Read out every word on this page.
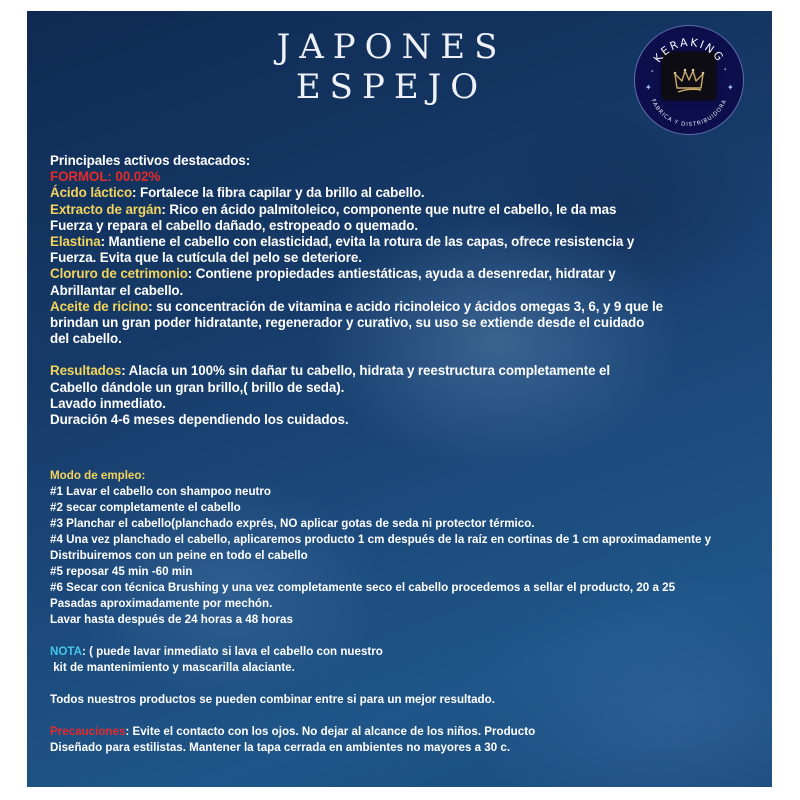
JAPONES
ESPEJO	· KERAKING ·
FABRICA Y DISTRIBUIDORA
✦	✦
Principales activos destacados:
FORMOL: 00.02%
Ácido láctico: Fortalece la fibra capilar y da brillo al cabello.
Extracto de argán: Rico en ácido palmitoleico, componente que nutre el cabello, le da mas
Fuerza y repara el cabello dañado, estropeado o quemado.
Elastina: Mantiene el cabello con elasticidad, evita la rotura de las capas, ofrece resistencia y
Fuerza. Evita que la cutícula del pelo se deteriore.
Cloruro de cetrimonio: Contiene propiedades antiestáticas, ayuda a desenredar, hidratar y
Abrillantar el cabello.
Aceite de ricino: su concentración de vitamina e acido ricinoleico y ácidos omegas 3, 6, y 9 que le
brindan un gran poder hidratante, regenerador y curativo, su uso se extiende desde el cuidado
del cabello.
Resultados: Alacía un 100% sin dañar tu cabello, hidrata y reestructura completamente el
Cabello dándole un gran brillo,( brillo de seda).
Lavado inmediato.
Duración 4-6 meses dependiendo los cuidados.
Modo de empleo:
#1 Lavar el cabello con shampoo neutro
#2 secar completamente el cabello
#3 Planchar el cabello(planchado exprés, NO aplicar gotas de seda ni protector térmico.
#4 Una vez planchado el cabello, aplicaremos producto 1 cm después de la raíz en cortinas de 1 cm aproximadamente y
Distribuiremos con un peine en todo el cabello
#5 reposar 45 min -60 min
#6 Secar con técnica Brushing y una vez completamente seco el cabello procedemos a sellar el producto, 20 a 25
Pasadas aproximadamente por mechón.
Lavar hasta después de 24 horas a 48 horas
NOTA: ( puede lavar inmediato si lava el cabello con nuestro
kit de mantenimiento y mascarilla alaciante.
Todos nuestros productos se pueden combinar entre si para un mejor resultado.
Precauciones: Evite el contacto con los ojos. No dejar al alcance de los niños. Producto
Diseñado para estilistas. Mantener la tapa cerrada en ambientes no mayores a 30 c.
